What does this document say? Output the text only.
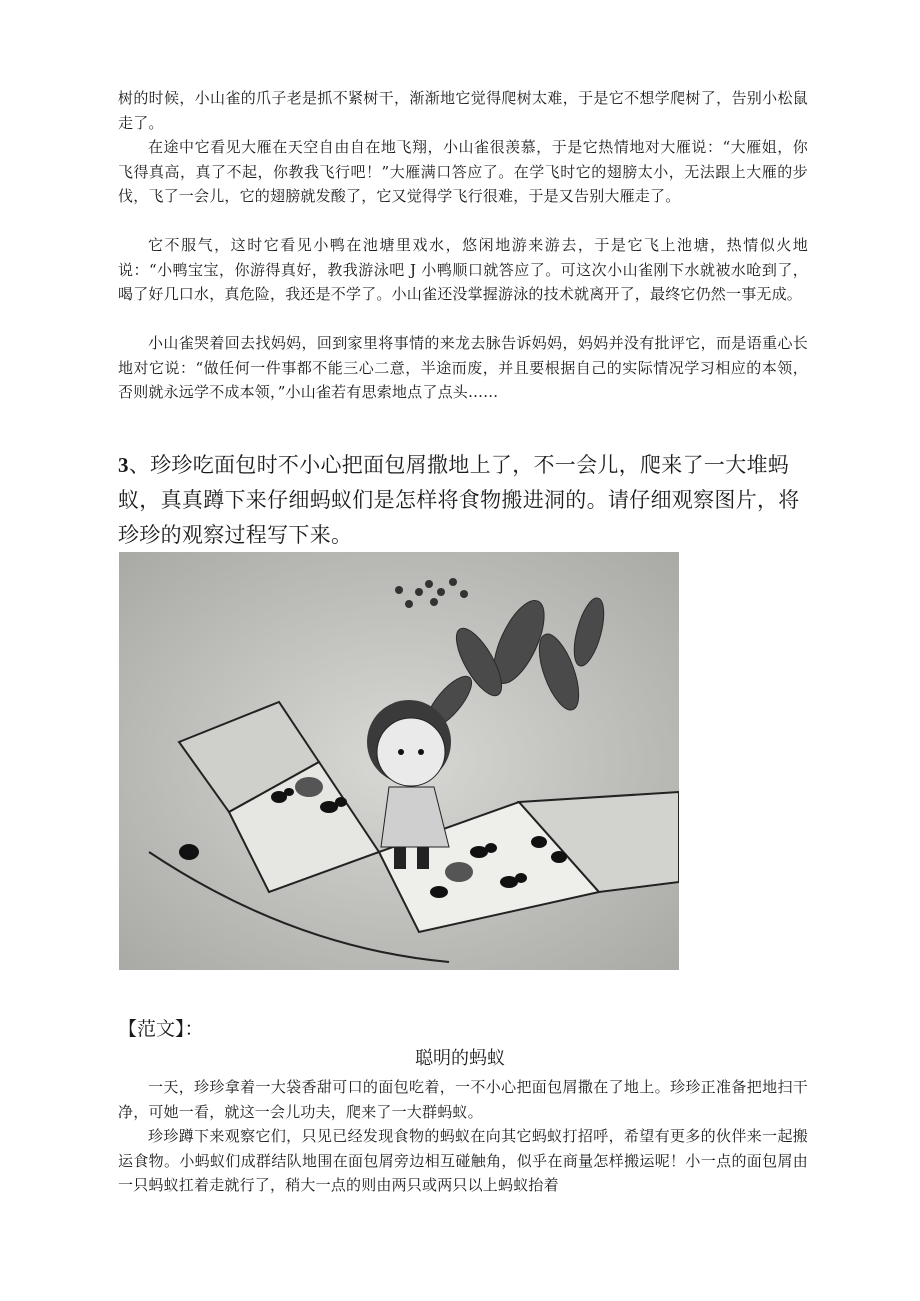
树的时候，小山雀的爪子老是抓不紧树干，渐渐地它觉得爬树太难，于是它不想学爬树了，告别小松鼠走了。

在途中它看见大雁在天空自由自在地飞翔，小山雀很羡慕，于是它热情地对大雁说：“大雁姐，你飞得真高，真了不起，你教我飞行吧！”大雁满口答应了。在学飞时它的翅膀太小，无法跟上大雁的步伐，飞了一会儿，它的翅膀就发酸了，它又觉得学飞行很难，于是又告别大雁走了。

它不服气，这时它看见小鸭在池塘里戏水，悠闲地游来游去，于是它飞上池塘，热情似火地说：“小鸭宝宝，你游得真好，教我游泳吧 J 小鸭顺口就答应了。可这次小山雀刚下水就被水呛到了，喝了好几口水，真危险，我还是不学了。小山雀还没掌握游泳的技术就离开了，最终它仍然一事无成。

小山雀哭着回去找妈妈，回到家里将事情的来龙去脉告诉妈妈，妈妈并没有批评它，而是语重心长地对它说：“做任何一件事都不能三心二意，半途而废，并且要根据自己的实际情况学习相应的本领，否则就永远学不成本领，”小山雀若有思索地点了点头……

3、珍珍吃面包时不小心把面包屑撒地上了，不一会儿，爬来了一大堆蚂蚁，真真蹲下来仔细蚂蚁们是怎样将食物搬进洞的。请仔细观察图片，将珍珍的观察过程写下来。

【范文】：

聪明的蚂蚁

一天，珍珍拿着一大袋香甜可口的面包吃着，一不小心把面包屑撒在了地上。珍珍正准备把地扫干净，可她一看，就这一会儿功夫，爬来了一大群蚂蚁。

珍珍蹲下来观察它们，只见已经发现食物的蚂蚁在向其它蚂蚁打招呼，希望有更多的伙伴来一起搬运食物。小蚂蚁们成群结队地围在面包屑旁边相互碰触角，似乎在商量怎样搬运呢！小一点的面包屑由一只蚂蚁扛着走就行了，稍大一点的则由两只或两只以上蚂蚁抬着
